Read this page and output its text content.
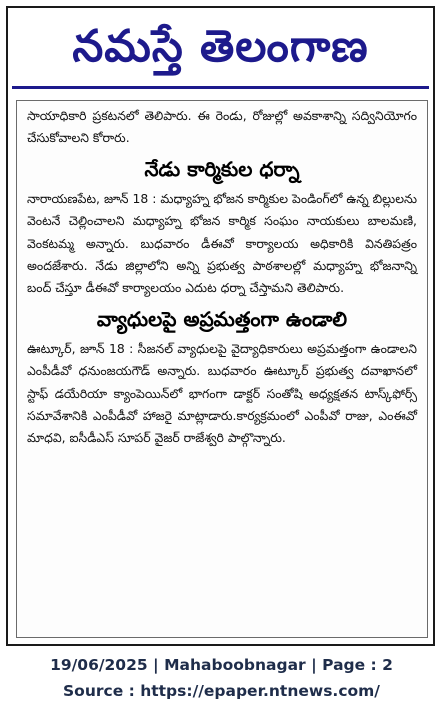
నమస్తే తెలంగాణ

సాయాధికారి ప్రకటనలో తెలిపారు. ఈ రెండు, రోజుల్లో అవకాశాన్ని సద్వినియోగం చేసుకోవాలని కోరారు.

నేడు కార్మికుల ధర్నా

నారాయణపేట, జూన్ 18 : మధ్యాహ్న భోజన కార్మికుల పెండింగ్‌లో ఉన్న బిల్లులను వెంటనే చెల్లించాలని మధ్యాహ్న భోజన కార్మిక సంఘం నాయకులు బాలమణి, వెంకటమ్మ అన్నారు. బుధవారం డీఈవో కార్యాలయ అధికారికి వినతిపత్రం అందజేశారు. నేడు జిల్లాలోని అన్ని ప్రభుత్వ పాఠశాలల్లో మధ్యాహ్న భోజనాన్ని బంద్ చేస్తూ డీఈవో కార్యాలయం ఎదుట ధర్నా చేస్తామని తెలిపారు.

వ్యాధులపై అప్రమత్తంగా ఉండాలి

ఊట్కూర్, జూన్ 18 : సీజనల్ వ్యాధులపై వైద్యాధికారులు అప్రమత్తంగా ఉండాలని ఎంపీడీవో ధనుంజయగౌడ్ అన్నారు. బుధవారం ఊట్కూర్ ప్రభుత్వ దవాఖానలో స్టాఫ్ డయేరియా క్యాంపెయిన్‌లో భాగంగా డాక్టర్ సంతోషి అధ్యక్షతన టాస్క్‌ఫోర్స్ సమావేశానికి ఎంపీడీవో హాజరై మాట్లాడారు.కార్యక్రమంలో ఎంపీవో రాజు, ఎంఈవో మాధవి, ఐసీడీఎస్ సూపర్ వైజర్ రాజేశ్వరి పాల్గొన్నారు.

19/06/2025 | Mahaboobnagar | Page : 2
Source : https://epaper.ntnews.com/
